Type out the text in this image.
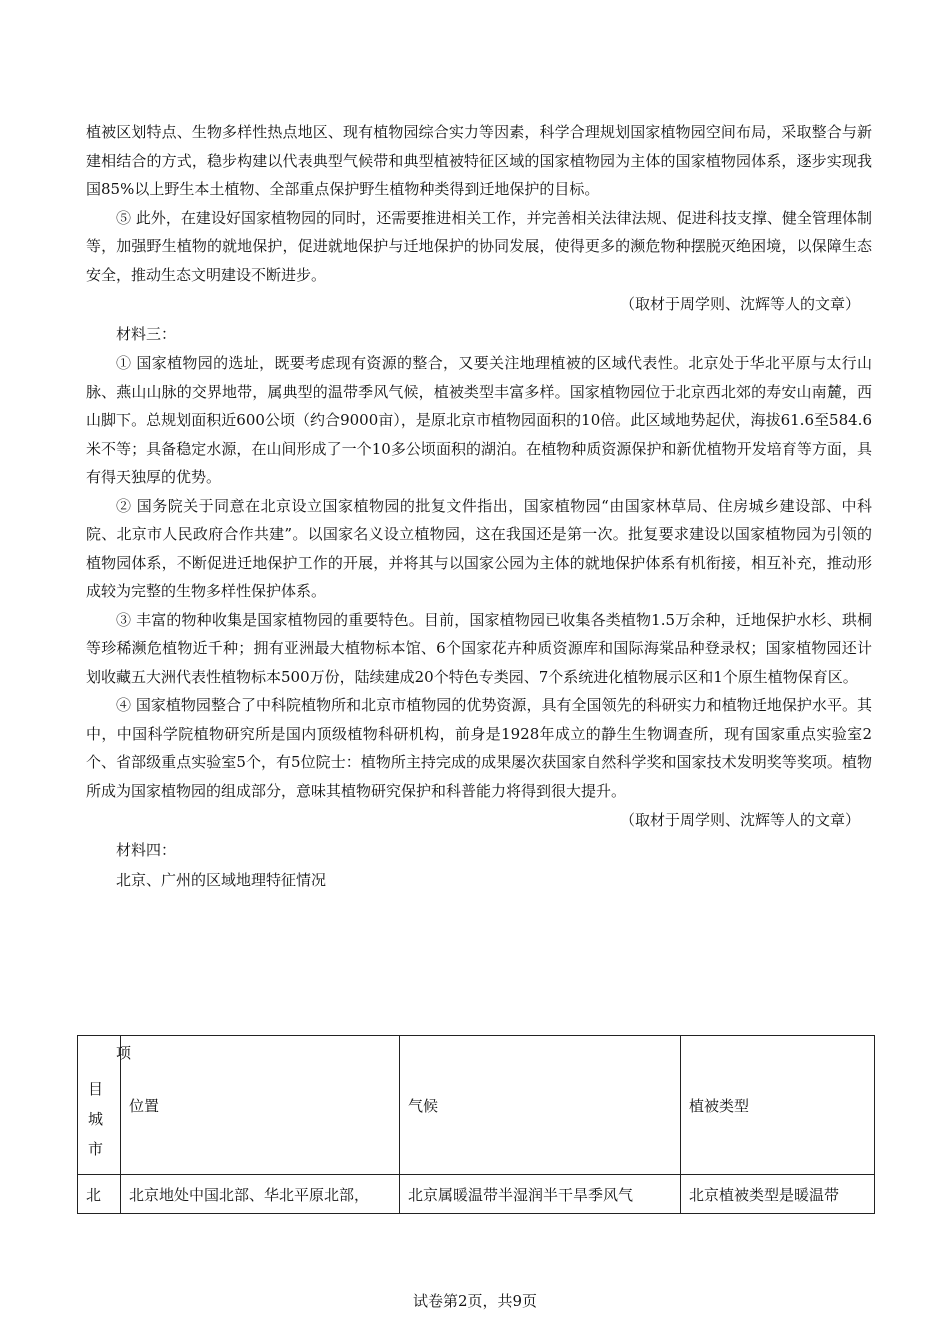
植被区划特点、生物多样性热点地区、现有植物园综合实力等因素，科学合理规划国家植物园空间布局，采取整合与新建相结合的方式，稳步构建以代表典型气候带和典型植被特征区域的国家植物园为主体的国家植物园体系，逐步实现我国85%以上野生本土植物、全部重点保护野生植物种类得到迁地保护的目标。

⑤ 此外，在建设好国家植物园的同时，还需要推进相关工作，并完善相关法律法规、促进科技支撑、健全管理体制等，加强野生植物的就地保护，促进就地保护与迁地保护的协同发展，使得更多的濒危物种摆脱灭绝困境，以保障生态安全，推动生态文明建设不断进步。

（取材于周学则、沈辉等人的文章）

材料三：

① 国家植物园的选址，既要考虑现有资源的整合，又要关注地理植被的区域代表性。北京处于华北平原与太行山脉、燕山山脉的交界地带，属典型的温带季风气候，植被类型丰富多样。国家植物园位于北京西北郊的寿安山南麓，西山脚下。总规划面积近600公顷（约合9000亩），是原北京市植物园面积的10倍。此区域地势起伏，海拔61.6至584.6米不等；具备稳定水源，在山间形成了一个10多公顷面积的湖泊。在植物种质资源保护和新优植物开发培育等方面，具有得天独厚的优势。

② 国务院关于同意在北京设立国家植物园的批复文件指出，国家植物园“由国家林草局、住房城乡建设部、中科院、北京市人民政府合作共建”。以国家名义设立植物园，这在我国还是第一次。批复要求建设以国家植物园为引领的植物园体系，不断促进迁地保护工作的开展，并将其与以国家公园为主体的就地保护体系有机衔接，相互补充，推动形成较为完整的生物多样性保护体系。

③ 丰富的物种收集是国家植物园的重要特色。目前，国家植物园已收集各类植物1.5万余种，迁地保护水杉、珙桐等珍稀濒危植物近千种；拥有亚洲最大植物标本馆、6个国家花卉种质资源库和国际海棠品种登录权；国家植物园还计划收藏五大洲代表性植物标本500万份，陆续建成20个特色专类园、7个系统进化植物展示区和1个原生植物保育区。

④ 国家植物园整合了中科院植物所和北京市植物园的优势资源，具有全国领先的科研实力和植物迁地保护水平。其中，中国科学院植物研究所是国内顶级植物科研机构，前身是1928年成立的静生生物调查所，现有国家重点实验室2个、省部级重点实验室5个，有5位院士：植物所主持完成的成果屡次获国家自然科学奖和国家技术发明奖等奖项。植物所成为国家植物园的组成部分，意味其植物研究保护和科普能力将得到很大提升。

（取材于周学则、沈辉等人的文章）

材料四：

北京、广州的区域地理特征情况

项
目
城
市	位置	气候	植被类型
北	北京地处中国北部、华北平原北部，	北京属暖温带半湿润半干旱季风气	北京植被类型是暖温带
试卷第2页，共9页
